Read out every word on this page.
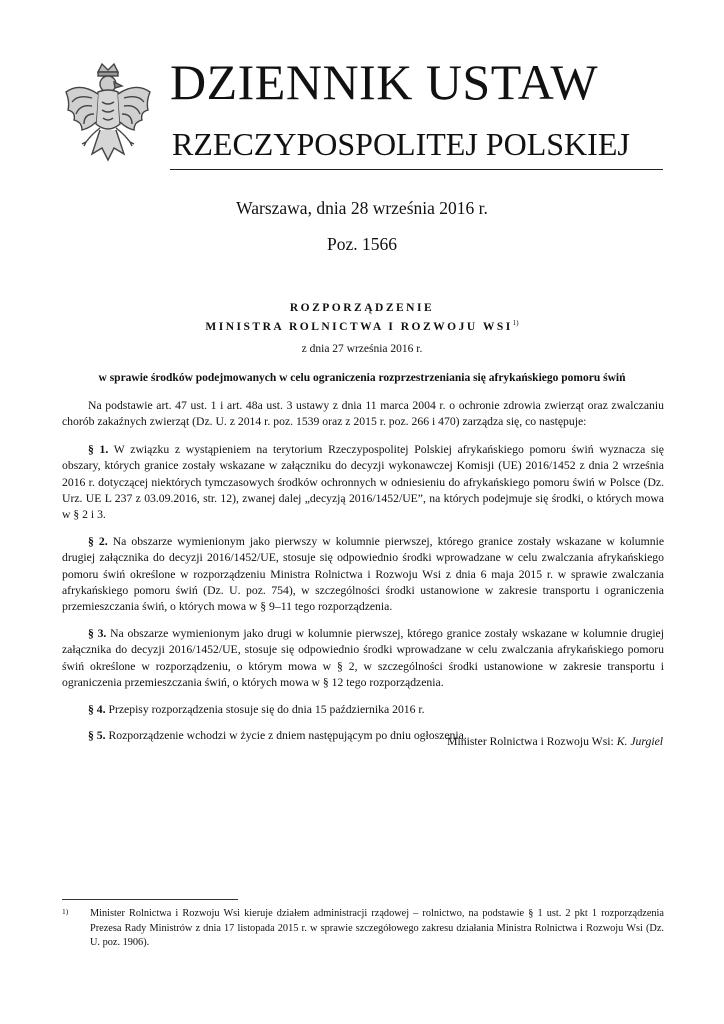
DZIENNIK USTAW
RZECZYPOSPOLITEJ POLSKIEJ
Warszawa, dnia 28 września 2016 r.
Poz. 1566
ROZPORZĄDZENIE
MINISTRA ROLNICTWA I ROZWOJU WSI$^{1)}$
z dnia 27 września 2016 r.
w sprawie środków podejmowanych w celu ograniczenia rozprzestrzeniania się afrykańskiego pomoru świń

Na podstawie art. 47 ust. 1 i art. 48a ust. 3 ustawy z dnia 11 marca 2004 r. o ochronie zdrowia zwierząt oraz zwalczaniu chorób zakaźnych zwierząt (Dz. U. z 2014 r. poz. 1539 oraz z 2015 r. poz. 266 i 470) zarządza się, co następuje:

§ 1. W związku z wystąpieniem na terytorium Rzeczypospolitej Polskiej afrykańskiego pomoru świń wyznacza się obszary, których granice zostały wskazane w załączniku do decyzji wykonawczej Komisji (UE) 2016/1452 z dnia 2 września 2016 r. dotyczącej niektórych tymczasowych środków ochronnych w odniesieniu do afrykańskiego pomoru świń w Polsce (Dz. Urz. UE L 237 z 03.09.2016, str. 12), zwanej dalej „decyzją 2016/1452/UE”, na których podejmuje się środki, o których mowa w § 2 i 3.

§ 2. Na obszarze wymienionym jako pierwszy w kolumnie pierwszej, którego granice zostały wskazane w kolumnie drugiej załącznika do decyzji 2016/1452/UE, stosuje się odpowiednio środki wprowadzane w celu zwalczania afrykańskiego pomoru świń określone w rozporządzeniu Ministra Rolnictwa i Rozwoju Wsi z dnia 6 maja 2015 r. w sprawie zwalczania afrykańskiego pomoru świń (Dz. U. poz. 754), w szczególności środki ustanowione w zakresie transportu i ograniczenia przemieszczania świń, o których mowa w § 9–11 tego rozporządzenia.

§ 3. Na obszarze wymienionym jako drugi w kolumnie pierwszej, którego granice zostały wskazane w kolumnie drugiej załącznika do decyzji 2016/1452/UE, stosuje się odpowiednio środki wprowadzane w celu zwalczania afrykańskiego pomoru świń określone w rozporządzeniu, o którym mowa w § 2, w szczególności środki ustanowione w zakresie transportu i ograniczenia przemieszczania świń, o których mowa w § 12 tego rozporządzenia.

§ 4. Przepisy rozporządzenia stosuje się do dnia 15 października 2016 r.

§ 5. Rozporządzenie wchodzi w życie z dniem następującym po dniu ogłoszenia.

Minister Rolnictwa i Rozwoju Wsi: K. Jurgiel
1) Minister Rolnictwa i Rozwoju Wsi kieruje działem administracji rządowej – rolnictwo, na podstawie § 1 ust. 2 pkt 1 rozporządzenia Prezesa Rady Ministrów z dnia 17 listopada 2015 r. w sprawie szczegółowego zakresu działania Ministra Rolnictwa i Rozwoju Wsi (Dz. U. poz. 1906).
